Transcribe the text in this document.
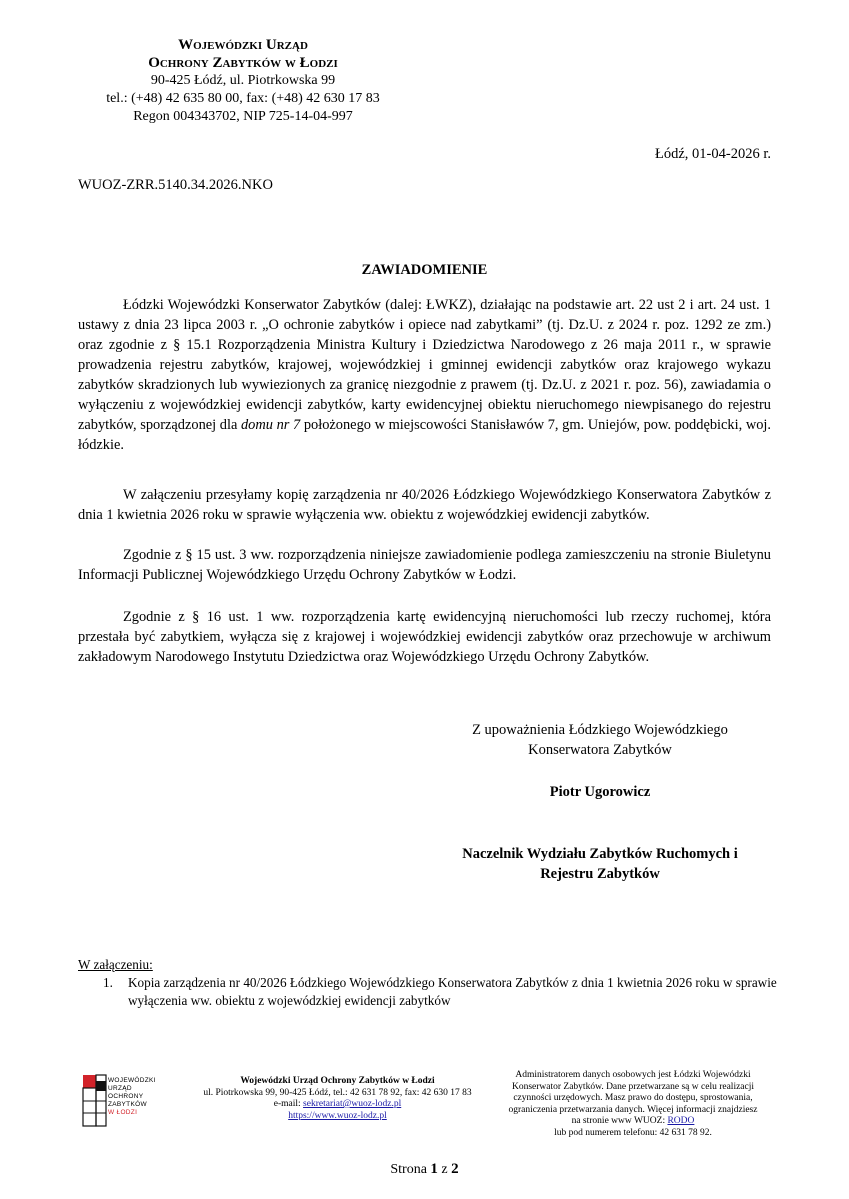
Wojewódzki Urząd
Ochrony Zabytków w Łodzi
90-425 Łódź, ul. Piotrkowska 99
tel.: (+48) 42 635 80 00, fax: (+48) 42 630 17 83
Regon 004343702, NIP 725-14-04-997
Łódź, 01-04-2026 r.
WUOZ-ZRR.5140.34.2026.NKO
ZAWIADOMIENIE

Łódzki Wojewódzki Konserwator Zabytków (dalej: ŁWKZ), działając na podstawie art. 22 ust 2 i art. 24 ust. 1 ustawy z dnia 23 lipca 2003 r. „O ochronie zabytków i opiece nad zabytkami” (tj. Dz.U. z 2024 r. poz. 1292 ze zm.) oraz zgodnie z § 15.1 Rozporządzenia Ministra Kultury i Dziedzictwa Narodowego z 26 maja 2011 r., w sprawie prowadzenia rejestru zabytków, krajowej, wojewódzkiej i gminnej ewidencji zabytków oraz krajowego wykazu zabytków skradzionych lub wywiezionych za granicę niezgodnie z prawem (tj. Dz.U. z 2021 r. poz. 56), zawiadamia o wyłączeniu z wojewódzkiej ewidencji zabytków, karty ewidencyjnej obiektu nieruchomego niewpisanego do rejestru zabytków, sporządzonej dla domu nr 7 położonego w miejscowości Stanisławów 7, gm. Uniejów, pow. poddębicki, woj. łódzkie.

W załączeniu przesyłamy kopię zarządzenia nr 40/2026 Łódzkiego Wojewódzkiego Konserwatora Zabytków z dnia 1 kwietnia 2026 roku w sprawie wyłączenia ww. obiektu z wojewódzkiej ewidencji zabytków.

Zgodnie z § 15 ust. 3 ww. rozporządzenia niniejsze zawiadomienie podlega zamieszczeniu na stronie Biuletynu Informacji Publicznej Wojewódzkiego Urzędu Ochrony Zabytków w Łodzi.

Zgodnie z § 16 ust. 1 ww. rozporządzenia kartę ewidencyjną nieruchomości lub rzeczy ruchomej, która przestała być zabytkiem, wyłącza się z krajowej i wojewódzkiej ewidencji zabytków oraz przechowuje w archiwum zakładowym Narodowego Instytutu Dziedzictwa oraz Wojewódzkiego Urzędu Ochrony Zabytków.

Z upoważnienia Łódzkiego Wojewódzkiego
Konserwatora Zabytków
Piotr Ugorowicz
Naczelnik Wydziału Zabytków Ruchomych i
Rejestru Zabytków
W załączeniu:
1. Kopia zarządzenia nr 40/2026 Łódzkiego Wojewódzkiego Konserwatora Zabytków z dnia 1 kwietnia 2026 roku w sprawie wyłączenia ww. obiektu z wojewódzkiej ewidencji zabytków
WOJEWÓDZKI
URZĄD
OCHRONY
ZABYTKÓW
W ŁODZI
Wojewódzki Urząd Ochrony Zabytków w Łodzi
ul. Piotrkowska 99, 90-425 Łódź, tel.: 42 631 78 92, fax: 42 630 17 83
e-mail: sekretariat@wuoz-lodz.pl
https://www.wuoz-lodz.pl
Administratorem danych osobowych jest Łódzki Wojewódzki
Konserwator Zabytków. Dane przetwarzane są w celu realizacji
czynności urzędowych. Masz prawo do dostępu, sprostowania,
ograniczenia przetwarzania danych. Więcej informacji znajdziesz
na stronie www WUOZ: RODO
lub pod numerem telefonu: 42 631 78 92.
Strona 1 z 2
